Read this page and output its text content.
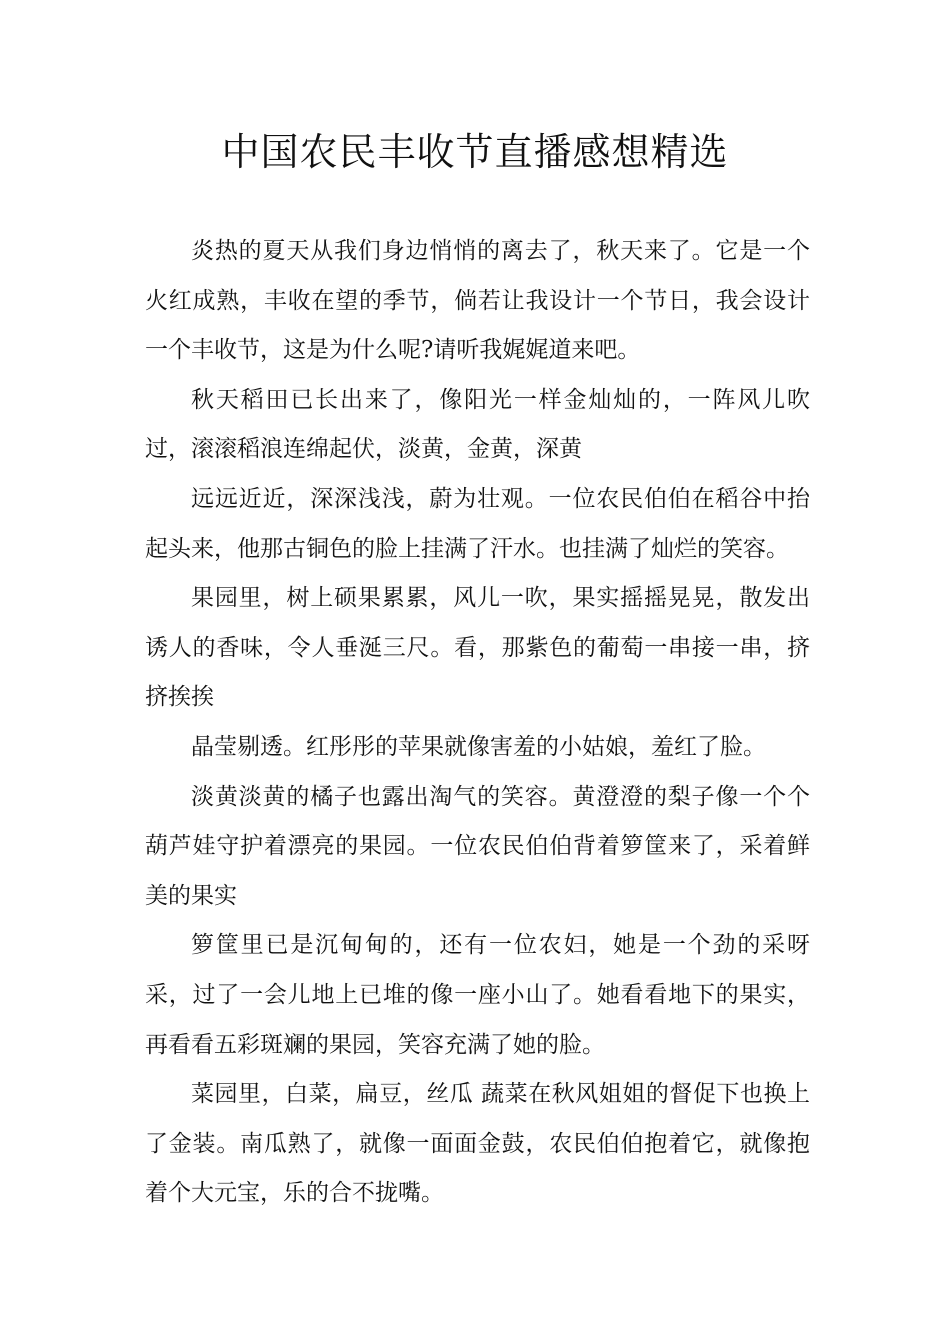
中国农民丰收节直播感想精选

炎热的夏天从我们身边悄悄的离去了，秋天来了。它是一个火红成熟，丰收在望的季节，倘若让我设计一个节日，我会设计一个丰收节，这是为什么呢?请听我娓娓道来吧。

秋天稻田已长出来了，像阳光一样金灿灿的，一阵风儿吹过，滚滚稻浪连绵起伏，淡黄，金黄，深黄

远远近近，深深浅浅，蔚为壮观。一位农民伯伯在稻谷中抬起头来，他那古铜色的脸上挂满了汗水。也挂满了灿烂的笑容。

果园里，树上硕果累累，风儿一吹，果实摇摇晃晃，散发出诱人的香味，令人垂涎三尺。看，那紫色的葡萄一串接一串，挤挤挨挨

晶莹剔透。红彤彤的苹果就像害羞的小姑娘，羞红了脸。

淡黄淡黄的橘子也露出淘气的笑容。黄澄澄的梨子像一个个葫芦娃守护着漂亮的果园。一位农民伯伯背着箩筐来了，采着鲜美的果实

箩筐里已是沉甸甸的，还有一位农妇，她是一个劲的采呀采，过了一会儿地上已堆的像一座小山了。她看看地下的果实，再看看五彩斑斓的果园，笑容充满了她的脸。

菜园里，白菜，扁豆，丝瓜 蔬菜在秋风姐姐的督促下也换上了金装。南瓜熟了，就像一面面金鼓，农民伯伯抱着它，就像抱着个大元宝，乐的合不拢嘴。
